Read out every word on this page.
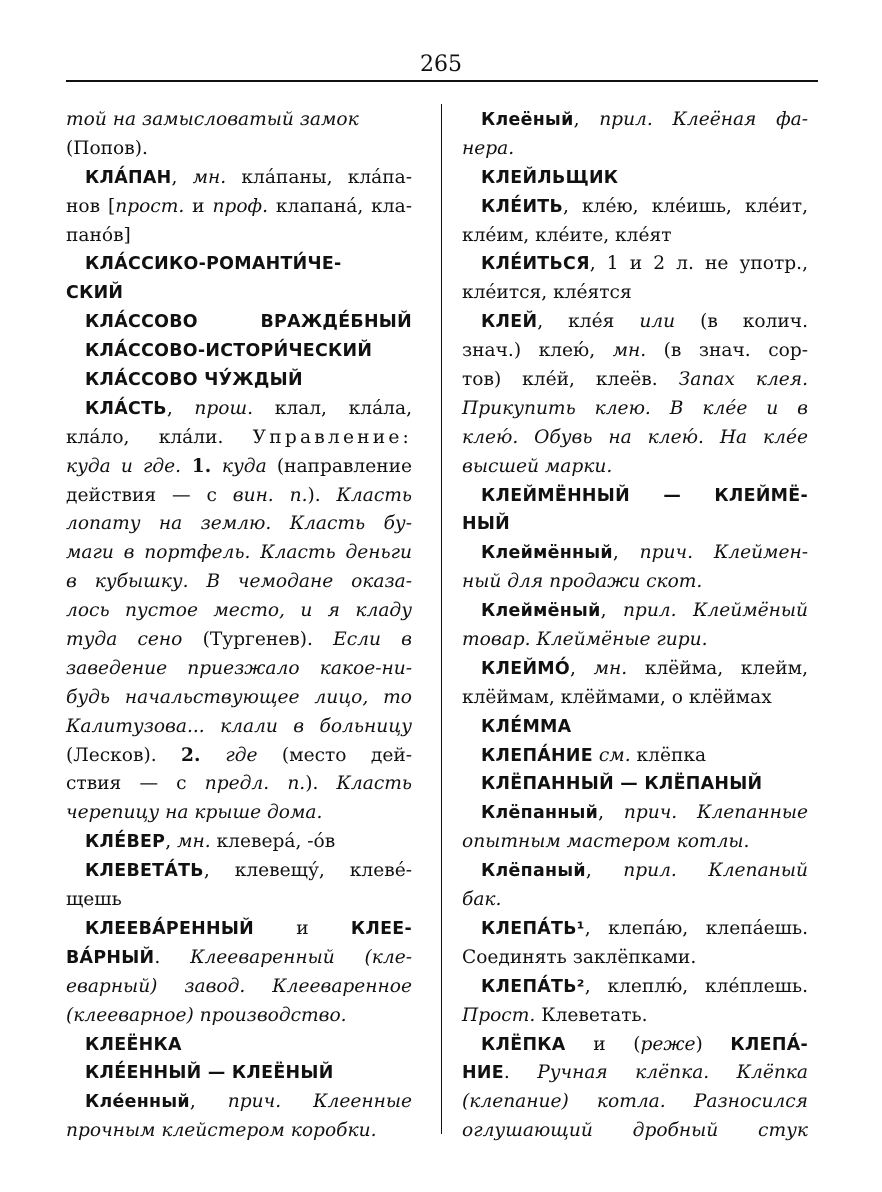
265
той на замысловатый замок
(Попов).
КЛА́ПАН, мн. кла́паны, кла́па-
нов [прост. и проф. клапана́, кла-
пано́в]
КЛА́ССИКО-РОМАНТИ́ЧЕ-
СКИЙ
КЛА́ССОВО ВРАЖДЕ́БНЫЙ
КЛА́ССОВО-ИСТОРИ́ЧЕСКИЙ
КЛА́ССОВО ЧУ́ЖДЫЙ
КЛА́СТЬ, прош. клал, кла́ла,
кла́ло, кла́ли. Управление:
куда и где. 1. куда (направление
действия — с вин. п.). Класть
лопату на землю. Класть бу-
маги в портфель. Класть деньги
в кубышку. В чемодане оказа-
лось пустое место, и я кладу
туда сено (Тургенев). Если в
заведение приезжало какое-ни-
будь начальствующее лицо, то
Калитузова... клали в больницу
(Лесков). 2. где (место дей-
ствия — с предл. п.). Класть
черепицу на крыше дома.
КЛЕ́ВЕР, мн. клевера́, -о́в
КЛЕВЕТА́ТЬ, клевещу́, клеве́-
щешь
КЛЕЕВА́РЕННЫЙ и КЛЕЕ-
ВА́РНЫЙ. Клееваренный (кле-
еварный) завод. Клееваренное
(клееварное) производство.
КЛЕЁНКА
КЛЕ́ЕННЫЙ — КЛЕЁНЫЙ
Кле́енный, прич. Клеенные
прочным клейстером коробки.
Клеёный, прил. Клеёная фа-
нера.
КЛЕЙЛЬЩИК
КЛЕ́ИТЬ, кле́ю, кле́ишь, кле́ит,
кле́им, кле́ите, кле́ят
КЛЕ́ИТЬСЯ, 1 и 2 л. не употр.,
кле́ится, кле́ятся
КЛЕЙ, кле́я или (в колич.
знач.) клею́, мн. (в знач. сор-
тов) кле́й, клеёв. Запах клея.
Прикупить клею. В кле́е и в
клею́. Обувь на клею́. На кле́е
высшей марки.
КЛЕЙМЁННЫЙ — КЛЕЙМЁ-
НЫЙ
Клеймённый, прич. Клеймен-
ный для продажи скот.
Клеймёный, прил. Клеймёный
товар. Клеймёные гири.
КЛЕЙМО́, мн. клёйма, клейм,
клёймам, клёймами, о клёймах
КЛЕ́ММА
КЛЕПА́НИЕ см. клёпка
КЛЁПАННЫЙ — КЛЁПАНЫЙ
Клёпанный, прич. Клепанные
опытным мастером котлы.
Клёпаный, прил. Клепаный
бак.
КЛЕПА́ТЬ¹, клепа́ю, клепа́ешь.
Соединять заклёпками.
КЛЕПА́ТЬ², клеплю́, кле́плешь.
Прост. Клеветать.
КЛЁПКА и (реже) КЛЕПА́-
НИЕ. Ручная клёпка. Клёпка
(клепание) котла. Разносился
оглушающий дробный стук
